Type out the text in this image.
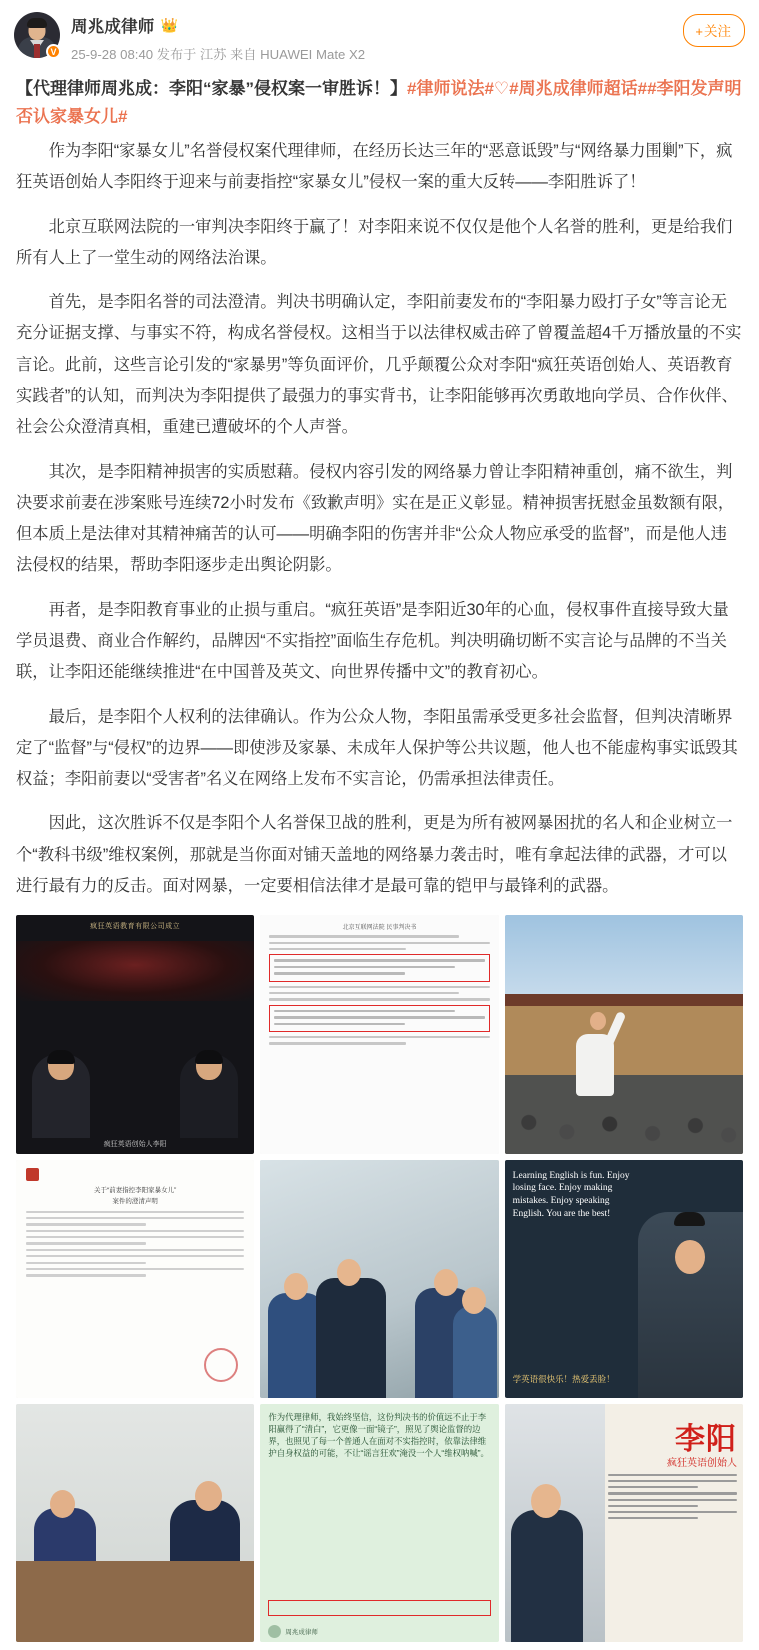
V
周兆成律师 👑
25-9-28 08:40 发布于 江苏 来自 HUAWEI Mate X2
+关注
【代理律师周兆成：李阳“家暴”侵权案一审胜诉！】#律师说法#♡#周兆成律师超话##李阳发声明否认家暴女儿#

作为李阳“家暴女儿”名誉侵权案代理律师，在经历长达三年的“恶意诋毁”与“网络暴力围剿”下，疯狂英语创始人李阳终于迎来与前妻指控“家暴女儿”侵权一案的重大反转——李阳胜诉了！

北京互联网法院的一审判决李阳终于赢了！对李阳来说不仅仅是他个人名誉的胜利，更是给我们所有人上了一堂生动的网络法治课。

首先，是李阳名誉的司法澄清。判决书明确认定，李阳前妻发布的“李阳暴力殴打子女”等言论无充分证据支撑、与事实不符，构成名誉侵权。这相当于以法律权威击碎了曾覆盖超4千万播放量的不实言论。此前，这些言论引发的“家暴男”等负面评价，几乎颠覆公众对李阳“疯狂英语创始人、英语教育实践者”的认知，而判决为李阳提供了最强力的事实背书，让李阳能够再次勇敢地向学员、合作伙伴、社会公众澄清真相，重建已遭破坏的个人声誉。

其次，是李阳精神损害的实质慰藉。侵权内容引发的网络暴力曾让李阳精神重创，痛不欲生，判决要求前妻在涉案账号连续72小时发布《致歉声明》实在是正义彰显。精神损害抚慰金虽数额有限，但本质上是法律对其精神痛苦的认可——明确李阳的伤害并非“公众人物应承受的监督”，而是他人违法侵权的结果，帮助李阳逐步走出舆论阴影。

再者，是李阳教育事业的止损与重启。“疯狂英语”是李阳近30年的心血，侵权事件直接导致大量学员退费、商业合作解约，品牌因“不实指控”面临生存危机。判决明确切断不实言论与品牌的不当关联，让李阳还能继续推进“在中国普及英文、向世界传播中文”的教育初心。

最后，是李阳个人权利的法律确认。作为公众人物，李阳虽需承受更多社会监督，但判决清晰界定了“监督”与“侵权”的边界——即使涉及家暴、未成年人保护等公共议题，他人也不能虚构事实诋毁其权益；李阳前妻以“受害者”名义在网络上发布不实言论，仍需承担法律责任。

因此，这次胜诉不仅是李阳个人名誉保卫战的胜利，更是为所有被网暴困扰的名人和企业树立一个“教科书级”维权案例，那就是当你面对铺天盖地的网络暴力袭击时，唯有拿起法律的武器，才可以进行最有力的反击。面对网暴，一定要相信法律才是最可靠的铠甲与最锋利的武器。

疯狂英语教育有限公司成立
疯狂英语创始人李阳
北京互联网法院 民事判决书
关于“前妻指控李阳家暴女儿”
案件的澄清声明
Learning English is fun. Enjoy losing face. Enjoy making mistakes. Enjoy speaking English. You are the best!
学英语很快乐！热爱丢脸！
作为代理律师，我始终坚信，这份判决书的价值远不止于李阳赢得了“清白”，它更像一面“镜子”，照见了舆论监督的边界，也照见了每一个普通人在面对不实指控时，依靠法律维护自身权益的可能，不让“谣言狂欢”淹没一个人“维权呐喊”。
周兆成律师
李阳
疯狂英语创始人
